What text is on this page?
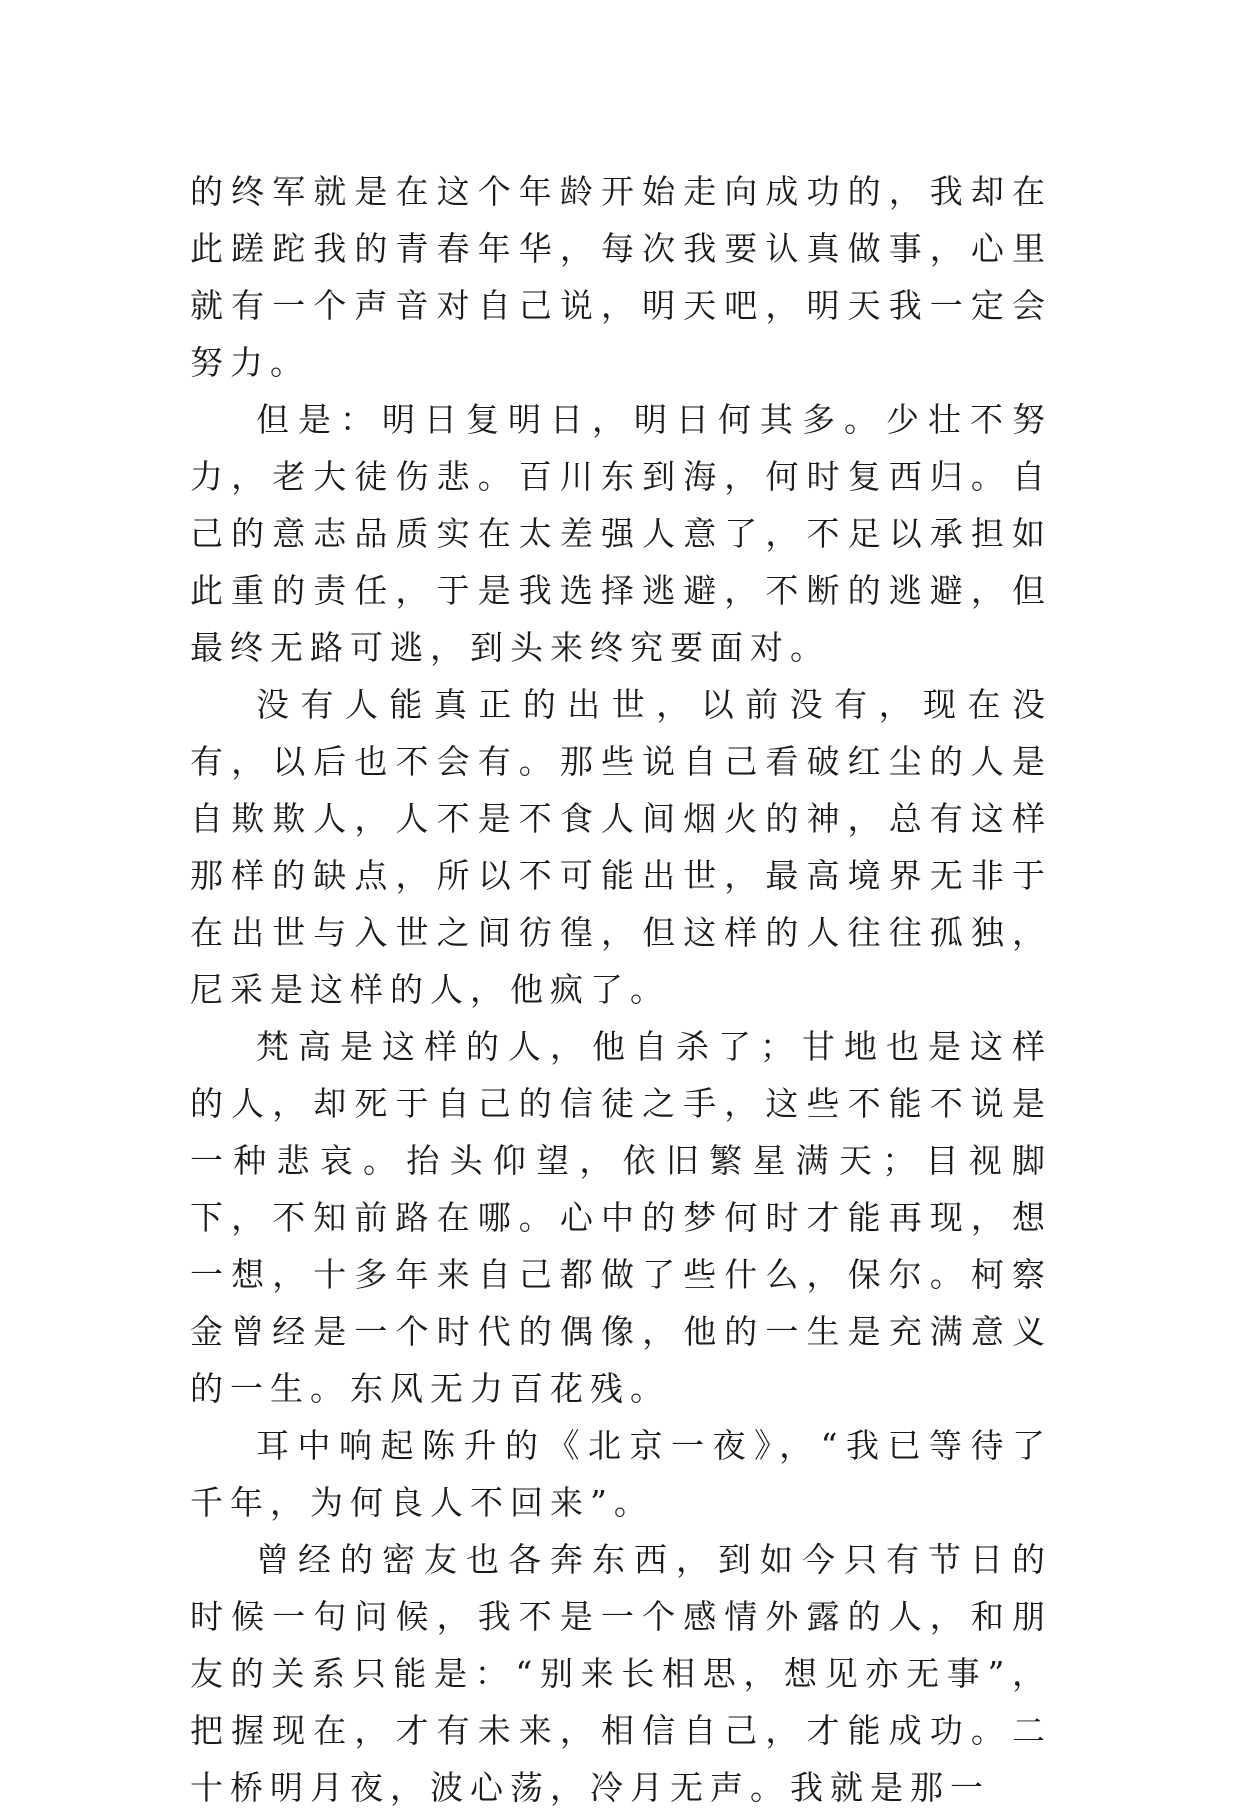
的终军就是在这个年龄开始走向成功的，我却在此蹉跎我的青春年华，每次我要认真做事，心里就有一个声音对自己说，明天吧，明天我一定会努力。

但是：明日复明日，明日何其多。少壮不努力，老大徒伤悲。百川东到海，何时复西归。自己的意志品质实在太差强人意了，不足以承担如此重的责任，于是我选择逃避，不断的逃避，但最终无路可逃，到头来终究要面对。

没有人能真正的出世，以前没有，现在没有，以后也不会有。那些说自己看破红尘的人是自欺欺人，人不是不食人间烟火的神，总有这样那样的缺点，所以不可能出世，最高境界无非于在出世与入世之间彷徨，但这样的人往往孤独，尼采是这样的人，他疯了。

梵高是这样的人，他自杀了；甘地也是这样的人，却死于自己的信徒之手，这些不能不说是一种悲哀。抬头仰望，依旧繁星满天；目视脚下，不知前路在哪。心中的梦何时才能再现，想一想，十多年来自己都做了些什么，保尔。柯察金曾经是一个时代的偶像，他的一生是充满意义的一生。东风无力百花残。

耳中响起陈升的《北京一夜》，“我已等待了千年，为何良人不回来”。

曾经的密友也各奔东西，到如今只有节日的时候一句问候，我不是一个感情外露的人，和朋友的关系只能是：“别来长相思，想见亦无事”，把握现在，才有未来，相信自己，才能成功。二十桥明月夜，波心荡，冷月无声。我就是那一
